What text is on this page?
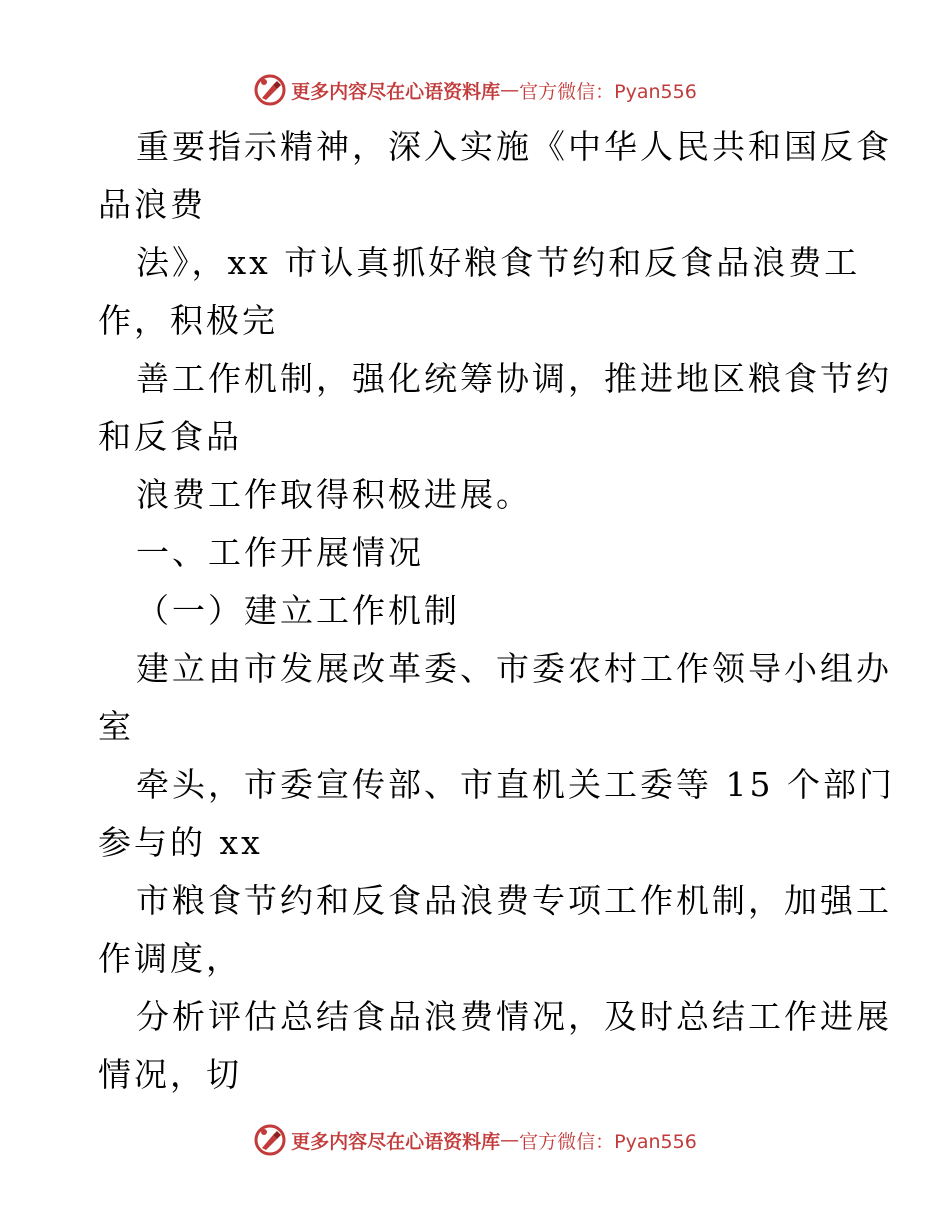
更多内容尽在心语资料库 — 官方微信：Pyan556
重要指示精神，深入实施《中华人民共和国反食
品浪费
法》，xx 市认真抓好粮食节约和反食品浪费工
作，积极完
善工作机制，强化统筹协调，推进地区粮食节约
和反食品
浪费工作取得积极进展。
一、工作开展情况
（一）建立工作机制
建立由市发展改革委、市委农村工作领导小组办
室
牵头，市委宣传部、市直机关工委等 15 个部门
参与的 xx
市粮食节约和反食品浪费专项工作机制，加强工
作调度，
分析评估总结食品浪费情况，及时总结工作进展
情况，切
更多内容尽在心语资料库 — 官方微信：Pyan556
